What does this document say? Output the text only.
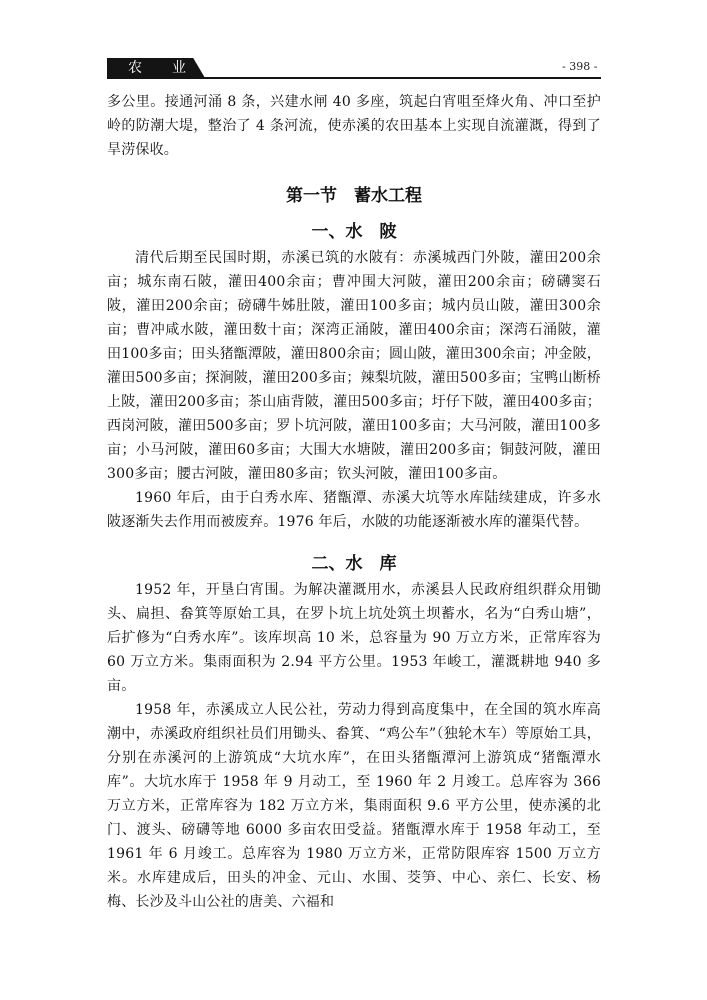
农　业	- 398 -

多公里。接通河涌 8 条，兴建水闸 40 多座，筑起白宵咀至烽火角、冲口至护岭的防潮大堤，整治了 4 条河流，使赤溪的农田基本上实现自流灌溉，得到了旱涝保收。

第一节　蓄水工程
一、水　陂

清代后期至民国时期，赤溪已筑的水陂有：赤溪城西门外陂，灌田200余亩；城东南石陂，灌田400余亩；曹冲围大河陂，灌田200余亩；磅礴窦石陂，灌田200余亩；磅礴牛姊肚陂，灌田100多亩；城内员山陂，灌田300余亩；曹冲咸水陂，灌田数十亩；深湾正涌陂，灌田400余亩；深湾石涌陂，灌田100多亩；田头猪甑潭陂，灌田800余亩；圆山陂，灌田300余亩；冲金陂，灌田500多亩；探涧陂，灌田200多亩；辣梨坑陂，灌田500多亩；宝鸭山断桥上陂，灌田200多亩；茶山庙背陂，灌田500多亩；圩仔下陂，灌田400多亩；西岗河陂，灌田500多亩；罗卜坑河陂，灌田100多亩；大马河陂，灌田100多亩；小马河陂，灌田60多亩；大围大水塘陂，灌田200多亩；铜鼓河陂，灌田300多亩；腰古河陂，灌田80多亩；钦头河陂，灌田100多亩。

1960 年后，由于白秀水库、猪甑潭、赤溪大坑等水库陆续建成，许多水陂逐渐失去作用而被废弃。1976 年后，水陂的功能逐渐被水库的灌渠代替。

二、水　库

1952 年，开垦白宵围。为解决灌溉用水，赤溪县人民政府组织群众用锄头、扁担、畚箕等原始工具，在罗卜坑上坑处筑土坝蓄水，名为“白秀山塘”，后扩修为“白秀水库”。该库坝高 10 米，总容量为 90 万立方米，正常库容为 60 万立方米。集雨面积为 2.94 平方公里。1953 年峻工，灌溉耕地 940 多亩。

1958 年，赤溪成立人民公社，劳动力得到高度集中，在全国的筑水库高潮中，赤溪政府组织社员们用锄头、畚箕、“鸡公车”（独轮木车）等原始工具，分别在赤溪河的上游筑成“大坑水库”，在田头猪甑潭河上游筑成“猪甑潭水库”。大坑水库于 1958 年 9 月动工，至 1960 年 2 月竣工。总库容为 366 万立方米，正常库容为 182 万立方米，集雨面积 9.6 平方公里，使赤溪的北门、渡头、磅礴等地 6000 多亩农田受益。猪甑潭水库于 1958 年动工，至 1961 年 6 月竣工。总库容为 1980 万立方米，正常防限库容 1500 万立方米。水库建成后，田头的冲金、元山、水围、茭笋、中心、亲仁、长安、杨梅、长沙及斗山公社的唐美、六福和
